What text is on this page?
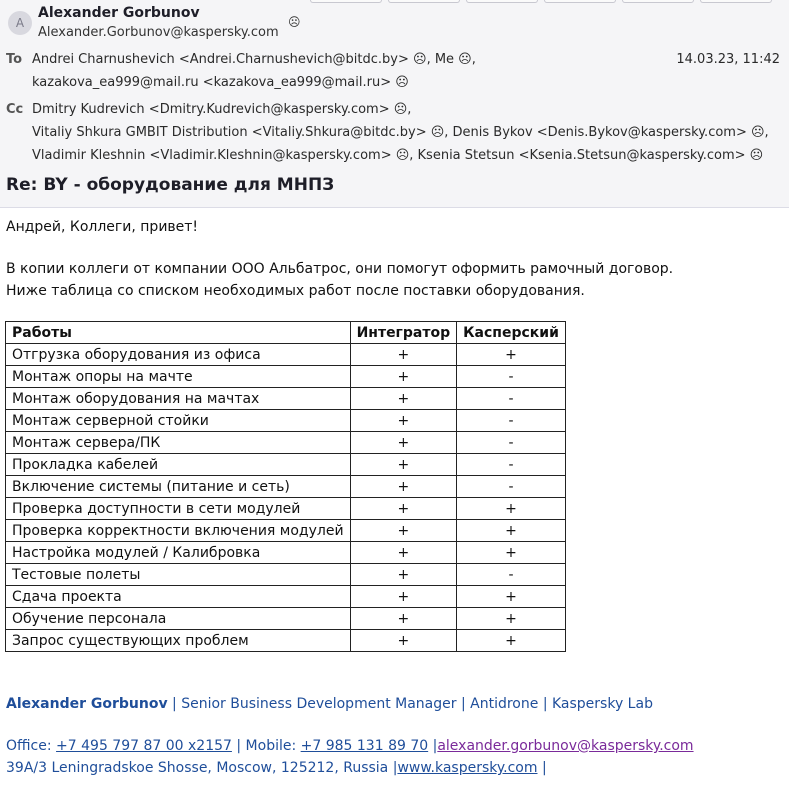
A
Alexander Gorbunov
Alexander.Gorbunov@kaspersky.com
☹
To Andrei Charnushevich <Andrei.Charnushevich@bitdc.by> ☹, Me ☹,
kazakova_ea999@mail.ru <kazakova_ea999@mail.ru> ☹
14.03.23, 11:42
Cc Dmitry Kudrevich <Dmitry.Kudrevich@kaspersky.com> ☹,
Vitaliy Shkura GMBIT Distribution <Vitaliy.Shkura@bitdc.by> ☹, Denis Bykov <Denis.Bykov@kaspersky.com> ☹,
Vladimir Kleshnin <Vladimir.Kleshnin@kaspersky.com> ☹, Ksenia Stetsun <Ksenia.Stetsun@kaspersky.com> ☹
Re: BY - оборудование для МНПЗ
Андрей, Коллеги, привет!
В копии коллеги от компании ООО Альбатрос, они помогут оформить рамочный договор.
Ниже таблица со списком необходимых работ после поставки оборудования.
Работы	Интегратор	Касперский
Отгрузка оборудования из офиса	+	+
Монтаж опоры на мачте	+	-
Монтаж оборудования на мачтах	+	-
Монтаж серверной стойки	+	-
Монтаж сервера/ПК	+	-
Прокладка кабелей	+	-
Включение системы (питание и сеть)	+	-
Проверка доступности в сети модулей	+	+
Проверка корректности включения модулей	+	+
Настройка модулей / Калибровка	+	+
Тестовые полеты	+	-
Сдача проекта	+	+
Обучение персонала	+	+
Запрос существующих проблем	+	+
Alexander Gorbunov | Senior Business Development Manager | Antidrone | Kaspersky Lab
Office: +7 495 797 87 00 x2157 | Mobile: +7 985 131 89 70 |alexander.gorbunov@kaspersky.com
39A/3 Leningradskoe Shosse, Moscow, 125212, Russia |www.kaspersky.com |
